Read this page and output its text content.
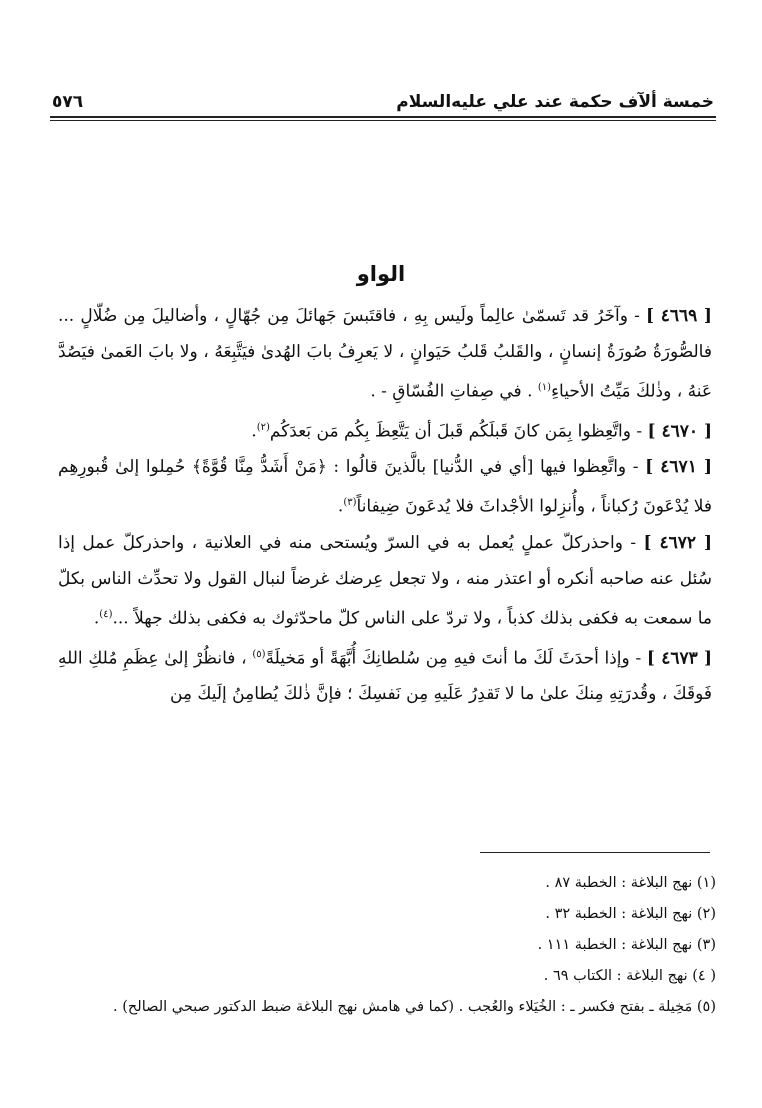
خمسة ألآف حكمة عند علي عليه‌السلام
٥٧٦
الواو

[ ٤٦٦٩ ] - وآخَرُ قد تَسمّىٰ عالِماً ولَيس بِهِ ، فاقتَبسَ جَهائلَ مِن جُهّالٍ ، وأضاليلَ مِن ضُلّالٍ ... فالصُّورَةُ صُورَةُ إنسانٍ ، والقَلبُ قَلبُ حَيَوانٍ ، لا يَعرِفُ بابَ الهُدىٰ فيَتَّبِعَهُ ، ولا بابَ العَمىٰ فيَصُدَّ عَنهُ ، وذٰلكَ مَيِّتُ الأحياءِ$^{(١)}$ . في صِفاتِ الفُسّاقِ - .

[ ٤٦٧٠ ] - واتَّعِظوا بِمَن كانَ قَبلَكُم قَبلَ أن يَتَّعِظَ بِكُم مَن بَعدَكُم$^{(٢)}$.

[ ٤٦٧١ ] - واتَّعِظوا فيها [أي في الدُّنيا] بالَّذينَ قالُوا : ﴿مَنْ أَشَدُّ مِنَّا قُوَّةً﴾ حُمِلوا إلىٰ قُبورِهِم فلا يُدْعَونَ رُكباناً ، وأُنزِلوا الأجْداثَ فلا يُدعَونَ ضِيفاناً$^{(٣)}$.

[ ٤٦٧٢ ] - واحذركلّ عملٍ يُعمل به في السرّ ويُستحى منه في العلانية ، واحذركلّ عمل إذا سُئل عنه صاحبه أنكره أو اعتذر منه ، ولا تجعل عِرضك غرضاً لنبال القول ولا تحدِّث الناس بكلّ ما سمعت به فكفى بذلك كذباً ، ولا تردّ على الناس كلّ ماحدّثوك به فكفى بذلك جهلاً ...$^{(٤)}$.

[ ٤٦٧٣ ] - وإذا أحدَثَ لَكَ ما أنتَ فيهِ مِن سُلطانِكَ أُبَّهَةً أو مَخيلَةً$^{(٥)}$ ، فانظُرْ إلىٰ عِظَمِ مُلكِ اللهِ فَوقَكَ ، وقُدرَتِهِ مِنكَ علىٰ ما لا تَقدِرُ عَلَيهِ مِن نَفسِكَ ؛ فإنَّ ذٰلكَ يُطامِنُ إلَيكَ مِن

(١) نهج البلاغة : الخطبة ٨٧ .

(٢) نهج البلاغة : الخطبة ٣٢ .

(٣) نهج البلاغة : الخطبة ١١١ .

( ٤) نهج البلاغة : الكتاب ٦٩ .

(٥) مَخِيلة ـ بفتح فكسر ـ : الخُيَلاء والعُجب . (كما في هامش نهج البلاغة ضبط الدكتور صبحي الصالح) .
